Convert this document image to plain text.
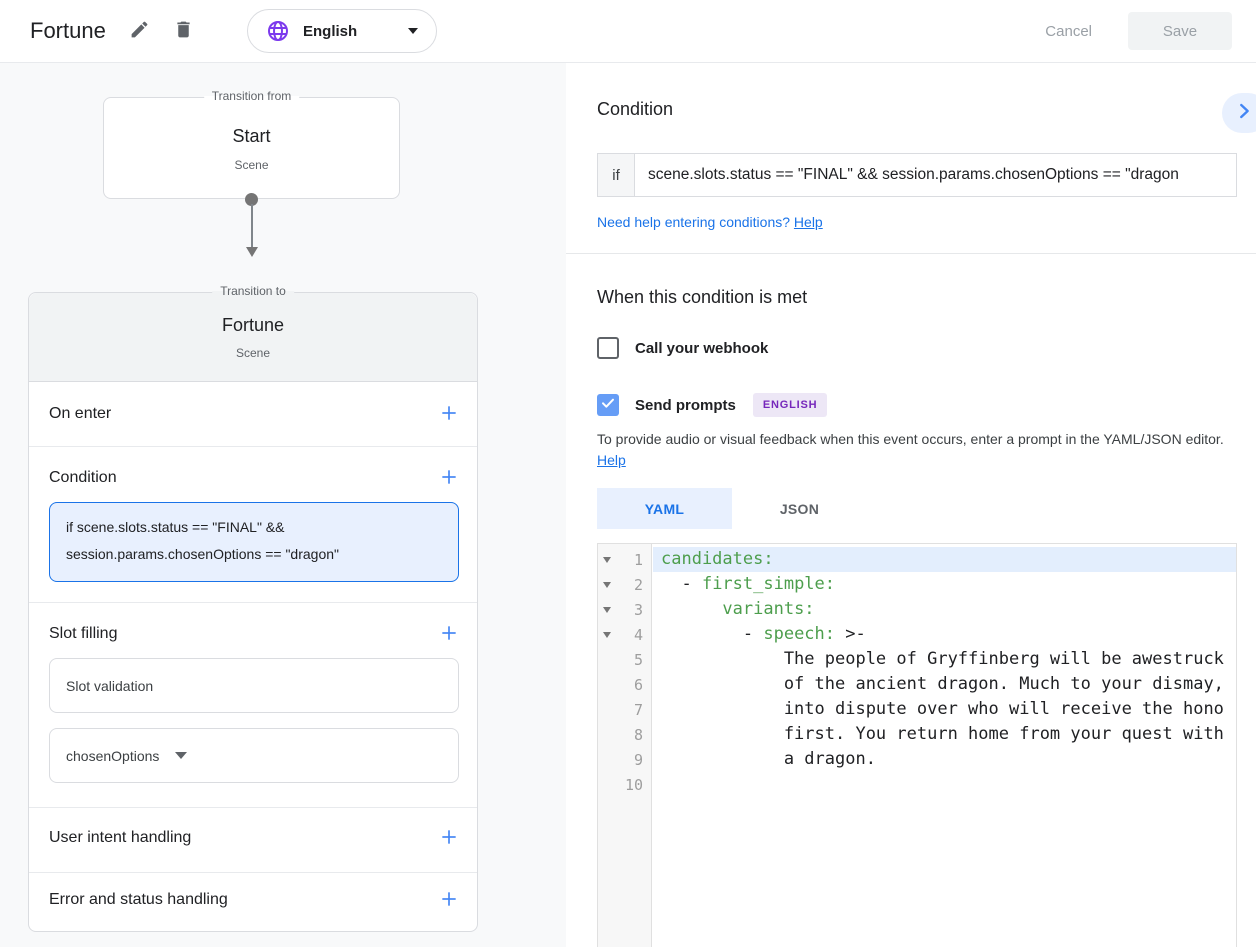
Fortune	English	Cancel	Save
Transition from
Start
Scene
Fortune
Scene
Transition to
On enter
Condition
if scene.slots.status == "FINAL" &&
session.params.chosenOptions == "dragon"
Slot filling
Slot validation
chosenOptions
User intent handling
Error and status handling
Condition
if	scene.slots.status == "FINAL" && session.params.chosenOptions == "dragon
Need help entering conditions? Help
When this condition is met
Call your webhook
Send prompts	ENGLISH
To provide audio or visual feedback when this event occurs, enter a prompt in the YAML/JSON editor. Help
YAML	JSON
1
2
3
4
5
6
7
8
9
10
candidates:
- first_simple:
variants:
- speech: >-
The people of Gryffinberg will be awestruck
of the ancient dragon. Much to your dismay,
into dispute over who will receive the hono
first. You return home from your quest with
a dragon.
